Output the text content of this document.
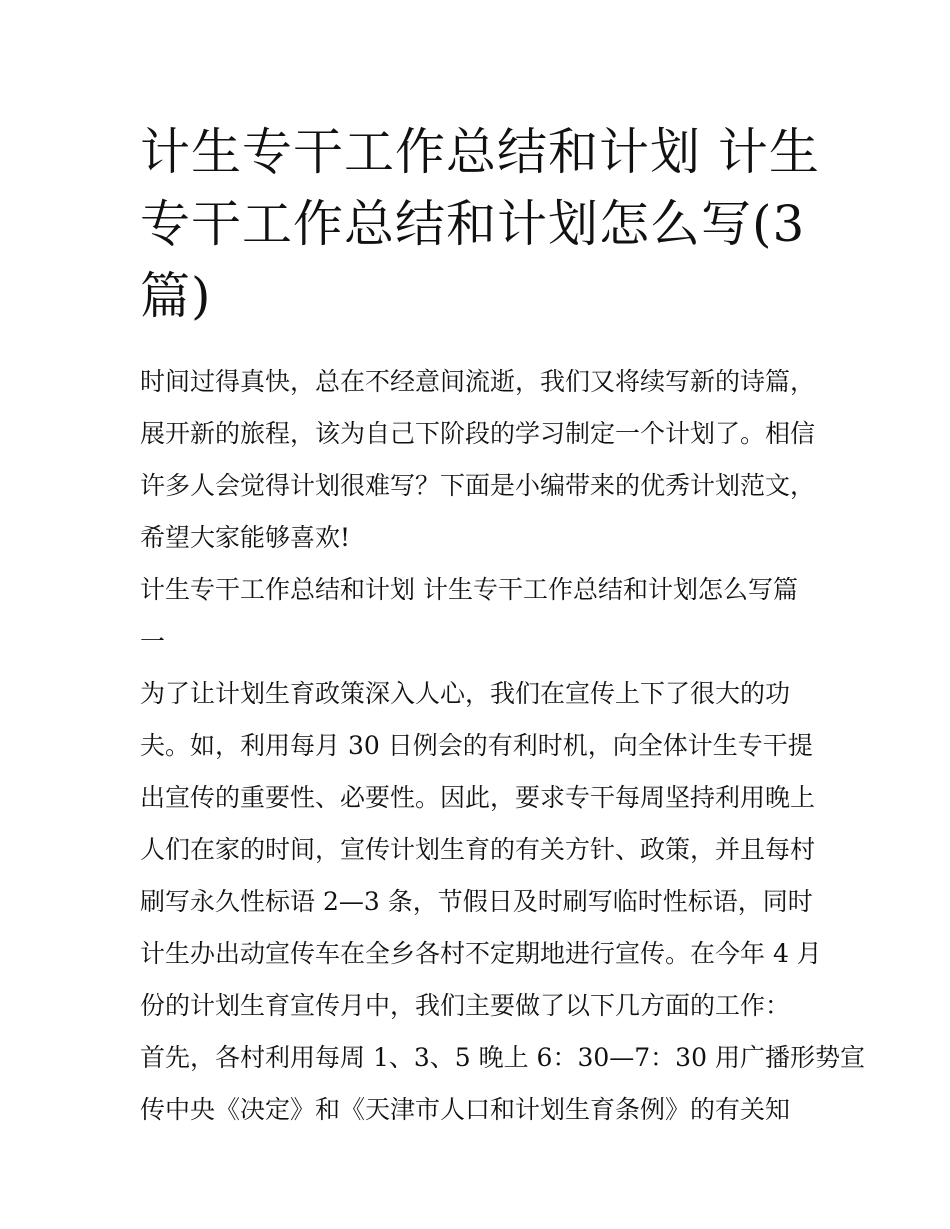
计生专干工作总结和计划 计生
专干工作总结和计划怎么写(3
篇)

时间过得真快，总在不经意间流逝，我们又将续写新的诗篇，
展开新的旅程，该为自己下阶段的学习制定一个计划了。相信
许多人会觉得计划很难写？下面是小编带来的优秀计划范文，
希望大家能够喜欢!

计生专干工作总结和计划 计生专干工作总结和计划怎么写篇
一

为了让计划生育政策深入人心，我们在宣传上下了很大的功
夫。如，利用每月 30 日例会的有利时机，向全体计生专干提
出宣传的重要性、必要性。因此，要求专干每周坚持利用晚上
人们在家的时间，宣传计划生育的有关方针、政策，并且每村
刷写永久性标语 2—3 条，节假日及时刷写临时性标语，同时
计生办出动宣传车在全乡各村不定期地进行宣传。在今年 4 月
份的计划生育宣传月中，我们主要做了以下几方面的工作：
首先，各村利用每周 1、3、5 晚上 6：30—7：30 用广播形势宣
传中央《决定》和《天津市人口和计划生育条例》的有关知
